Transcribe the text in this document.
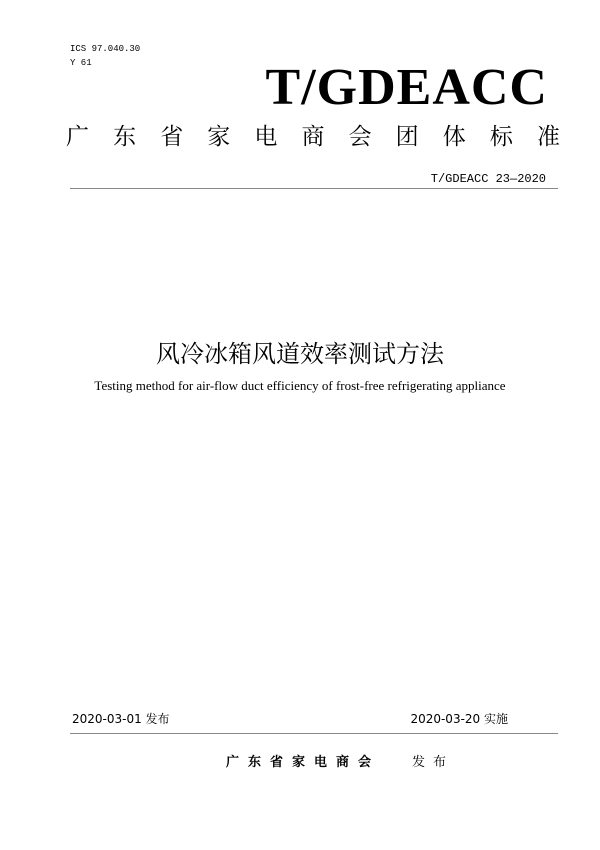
ICS 97.040.30
Y 61	T/GDEACC
广 东 省 家 电 商 会 团 体 标 准
T/GDEACC 23—2020
风冷冰箱风道效率测试方法
Testing method for air-flow duct efficiency of frost-free refrigerating appliance
2020-03-01 发布	2020-03-20 实施
广东省家电商会 发布
